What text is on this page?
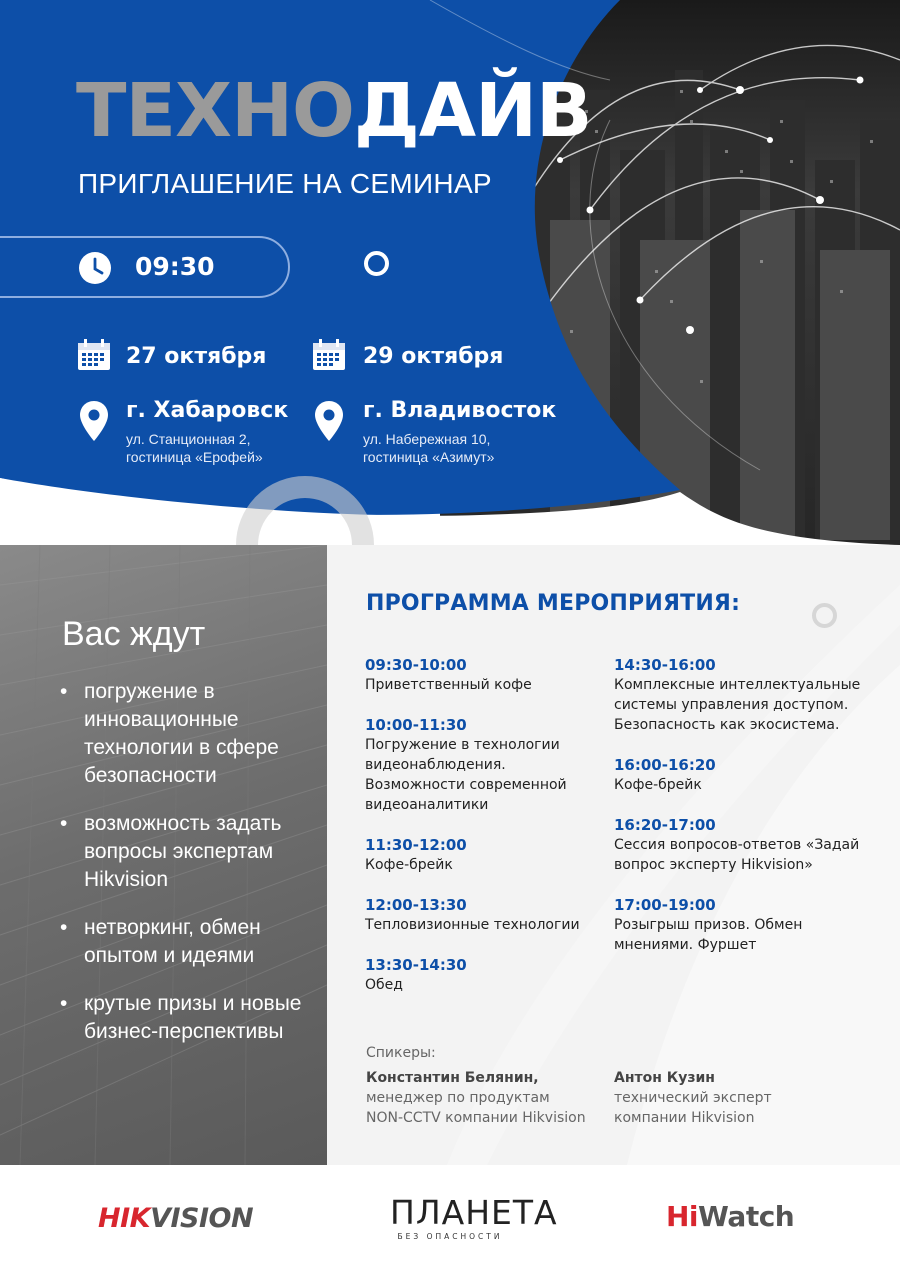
ТЕХНОДАЙВ
ПРИГЛАШЕНИЕ НА СЕМИНАР
09:30
27 октября
г. Хабаровск
ул. Станционная 2,
гостиница «Ерофей»
29 октября
г. Владивосток
ул. Набережная 10,
гостиница «Азимут»
Вас ждут
• погружение в инновационные технологии в сфере безопасности
• возможность задать вопросы экспертам Hikvision
• нетворкинг, обмен опытом и идеями
• крутые призы и новые бизнес-перспективы
ПРОГРАММА МЕРОПРИЯТИЯ:
09:30-10:00
Приветственный кофе
10:00-11:30
Погружение в технологии видеонаблюдения. Возможности современной видеоаналитики
11:30-12:00
Кофе-брейк
12:00-13:30
Тепловизионные технологии
13:30-14:30
Обед
14:30-16:00
Комплексные интеллектуальные системы управления доступом. Безопасность как экосистема.
16:00-16:20
Кофе-брейк
16:20-17:00
Сессия вопросов-ответов «Задай вопрос эксперту Hikvision»
17:00-19:00
Розыгрыш призов. Обмен мнениями. Фуршет
Спикеры:
Константин Белянин,
менеджер по продуктам
NON-CCTV компании Hikvision
Антон Кузин
технический эксперт
компании Hikvision
HIKVISION	ПЛАНЕТА
БЕЗ ОПАСНОСТИ
HiWatch
